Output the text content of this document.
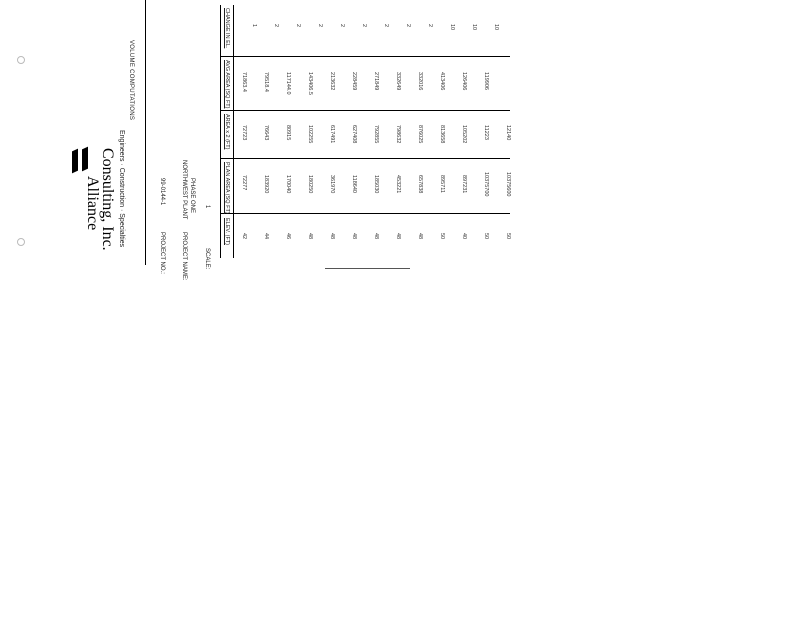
Alliance
Consulting, Inc. Engineers · Construction · Specialties
VOLUME COMPUTATIONS
PROJECT NO.:
99-0144-1
PROJECT NAME:
NORTHWEST PLANT PHASE ONE
SCALE:
1
ELEV. (FT)
PLAN AREA (SQ FT)
AREA x 2 (FT)
AVG AREA (SQ FT)
CHANGE IN EL.
42
72277
72723
71863.4
1
44
183920
76643
79518.4
2
46
170040
80915
117144.0
2
48
180250
102255
143406.5
2
48
361970
617491
213632
2
48
118640
627408
228459
2
48
185030
792855
271849
2
48
453221
798632
332649
2
48
657838
876025
332016
2
50
895711
813658
413406
10
40
897231
105202
126406
10
50
10375700
11223
119906
10
50
10375600
12140
